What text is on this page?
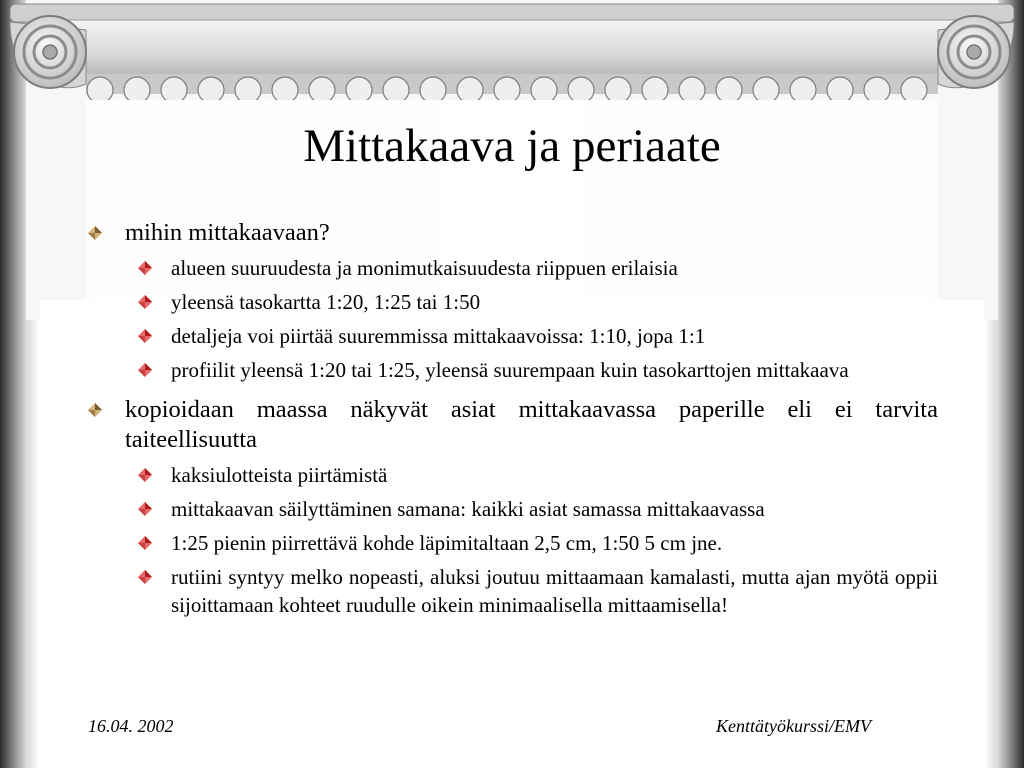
Mittakaava ja periaate
mihin mittakaavaan?
alueen suuruudesta ja monimutkaisuudesta riippuen erilaisia
yleensä tasokartta 1:20, 1:25 tai 1:50
detaljeja voi piirtää suuremmissa mittakaavoissa: 1:10, jopa 1:1
profiilit yleensä 1:20 tai 1:25, yleensä suurempaan kuin tasokarttojen mittakaava
kopioidaan maassa näkyvät asiat mittakaavassa paperille eli ei tarvita taiteellisuutta
kaksiulotteista piirtämistä
mittakaavan säilyttäminen samana: kaikki asiat samassa mittakaavassa
1:25 pienin piirrettävä kohde läpimitaltaan 2,5 cm, 1:50 5 cm jne.
rutiini syntyy melko nopeasti, aluksi joutuu mittaamaan kamalasti, mutta ajan myötä oppii sijoittamaan kohteet ruudulle oikein minimaalisella mittaamisella!
16.04. 2002	Kenttätyökurssi/EMV
